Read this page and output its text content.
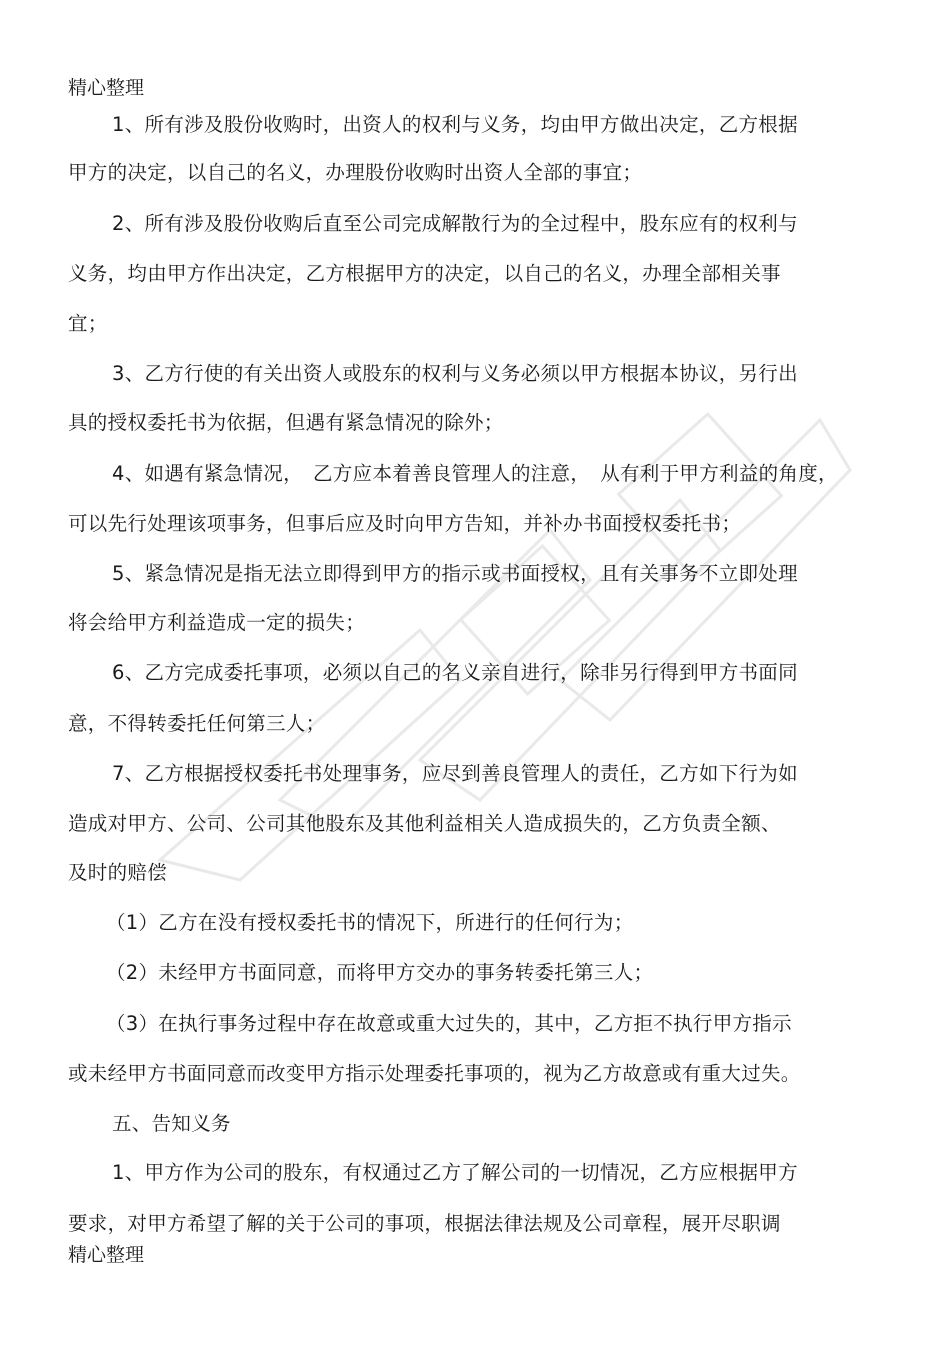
精心整理
1、所有涉及股份收购时，出资人的权利与义务，均由甲方做出决定，乙方根据
甲方的决定，以自己的名义，办理股份收购时出资人全部的事宜；
2、所有涉及股份收购后直至公司完成解散行为的全过程中，股东应有的权利与
义务，均由甲方作出决定，乙方根据甲方的决定，以自己的名义，办理全部相关事
宜；
3、乙方行使的有关出资人或股东的权利与义务必须以甲方根据本协议，另行出
具的授权委托书为依据，但遇有紧急情况的除外；
4、如遇有紧急情况，　乙方应本着善良管理人的注意，　从有利于甲方利益的角度，
可以先行处理该项事务，但事后应及时向甲方告知，并补办书面授权委托书；
5、紧急情况是指无法立即得到甲方的指示或书面授权，且有关事务不立即处理
将会给甲方利益造成一定的损失；
6、乙方完成委托事项，必须以自己的名义亲自进行，除非另行得到甲方书面同
意，不得转委托任何第三人；
7、乙方根据授权委托书处理事务，应尽到善良管理人的责任，乙方如下行为如
造成对甲方、公司、公司其他股东及其他利益相关人造成损失的，乙方负责全额、
及时的赔偿
（1）乙方在没有授权委托书的情况下，所进行的任何行为；
（2）未经甲方书面同意，而将甲方交办的事务转委托第三人；
（3）在执行事务过程中存在故意或重大过失的，其中，乙方拒不执行甲方指示
或未经甲方书面同意而改变甲方指示处理委托事项的，视为乙方故意或有重大过失。
五、告知义务
1、甲方作为公司的股东，有权通过乙方了解公司的一切情况，乙方应根据甲方
要求，对甲方希望了解的关于公司的事项，根据法律法规及公司章程，展开尽职调
精心整理
